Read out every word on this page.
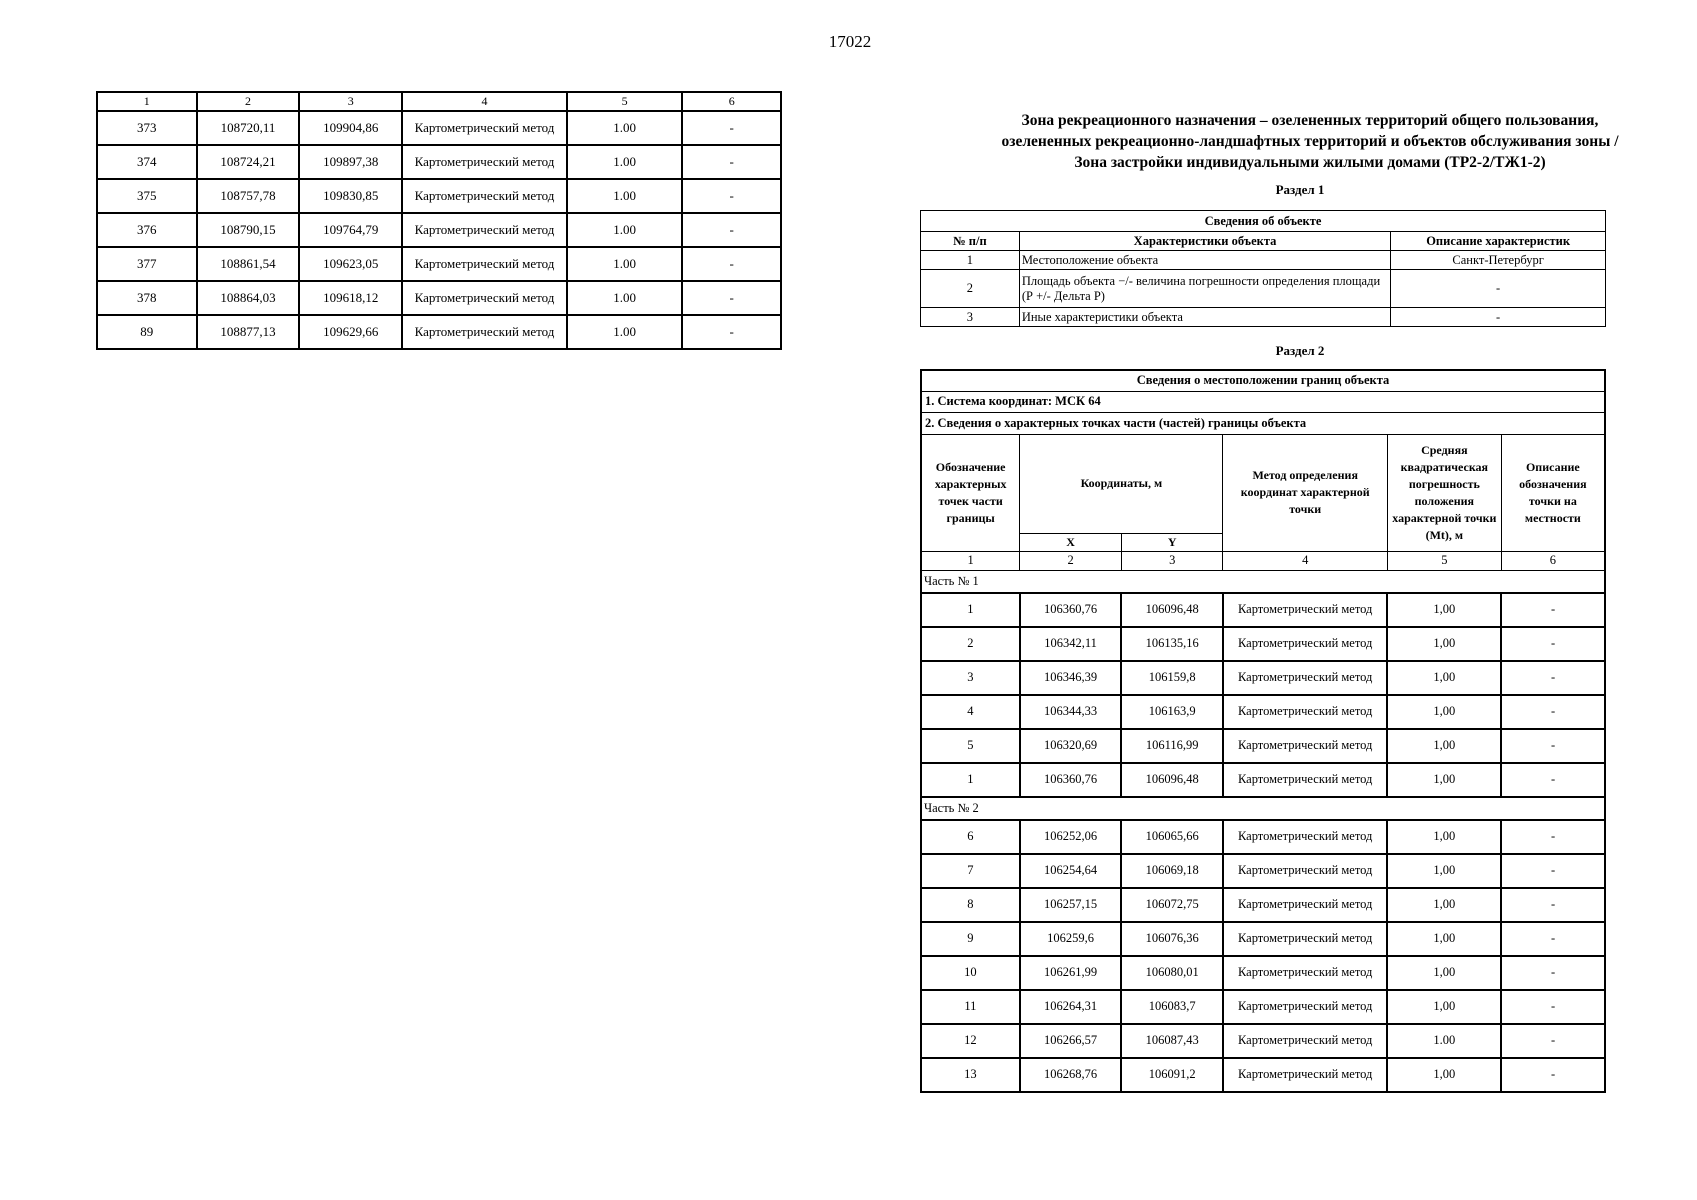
17022
1	2	3	4	5	6
373	108720,11	109904,86	Картометрический метод	1.00	-
374	108724,21	109897,38	Картометрический метод	1.00	-
375	108757,78	109830,85	Картометрический метод	1.00	-
376	108790,15	109764,79	Картометрический метод	1.00	-
377	108861,54	109623,05	Картометрический метод	1.00	-
378	108864,03	109618,12	Картометрический метод	1.00	-
89	108877,13	109629,66	Картометрический метод	1.00	-
Зона рекреационного назначения – озелененных территорий общего пользования,
озелененных рекреационно-ландшафтных территорий и объектов обслуживания зоны /
Зона застройки индивидуальными жилыми домами (ТР2-2/ТЖ1-2)
Раздел 1
Сведения об объекте		
№ п/п	Характеристики объекта	Описание характеристик
1	Местоположение объекта	Санкт-Петербург
2	Площадь объекта −/- величина погрешности определения площади (Р +/- Дельта Р)	-
3	Иные характеристики объекта	-
Раздел 2
Сведения о местоположении границ объекта					
1. Система координат: МСК 64					
2. Сведения о характерных точках части (частей) границы объекта					
Обозначение характерных точек части границы	Координаты, м		Метод определения координат характерной точки	Средняя квадратическая погрешность положения характерной точки (Mt), м	Описание обозначения точки на местности
	X	Y			
1	2	3	4	5	6
Часть № 1					
1	106360,76	106096,48	Картометрический метод	1,00	-
2	106342,11	106135,16	Картометрический метод	1,00	-
3	106346,39	106159,8	Картометрический метод	1,00	-
4	106344,33	106163,9	Картометрический метод	1,00	-
5	106320,69	106116,99	Картометрический метод	1,00	-
1	106360,76	106096,48	Картометрический метод	1,00	-
Часть № 2					
6	106252,06	106065,66	Картометрический метод	1,00	-
7	106254,64	106069,18	Картометрический метод	1,00	-
8	106257,15	106072,75	Картометрический метод	1,00	-
9	106259,6	106076,36	Картометрический метод	1,00	-
10	106261,99	106080,01	Картометрический метод	1,00	-
11	106264,31	106083,7	Картометрический метод	1,00	-
12	106266,57	106087,43	Картометрический метод	1.00	-
13	106268,76	106091,2	Картометрический метод	1,00	-
